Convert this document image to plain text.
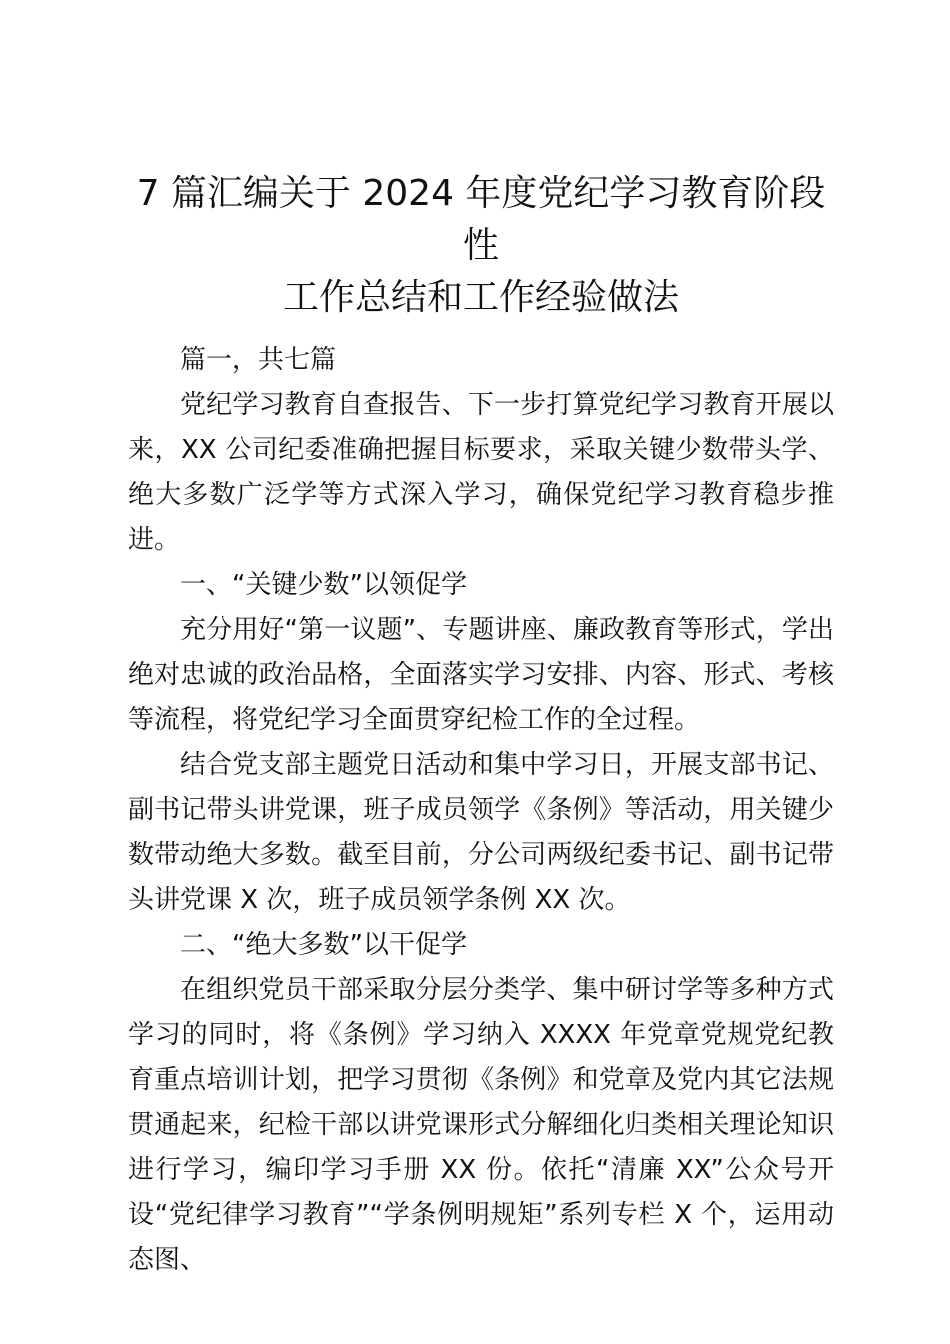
7 篇汇编关于 2024 年度党纪学习教育阶段性
工作总结和工作经验做法

篇一，共七篇

党纪学习教育自查报告、下一步打算党纪学习教育开展以来，XX 公司纪委准确把握目标要求，采取关键少数带头学、绝大多数广泛学等方式深入学习，确保党纪学习教育稳步推进。

一、“关键少数”以领促学

充分用好“第一议题”、专题讲座、廉政教育等形式，学出绝对忠诚的政治品格，全面落实学习安排、内容、形式、考核等流程，将党纪学习全面贯穿纪检工作的全过程。

结合党支部主题党日活动和集中学习日，开展支部书记、副书记带头讲党课，班子成员领学《条例》等活动，用关键少数带动绝大多数。截至目前，分公司两级纪委书记、副书记带头讲党课 X 次，班子成员领学条例 XX 次。

二、“绝大多数”以干促学

在组织党员干部采取分层分类学、集中研讨学等多种方式学习的同时，将《条例》学习纳入 XXXX 年党章党规党纪教育重点培训计划，把学习贯彻《条例》和党章及党内其它法规贯通起来，纪检干部以讲党课形式分解细化归类相关理论知识进行学习，编印学习手册 XX 份。依托“清廉 XX”公众号开设“党纪律学习教育”“学条例明规矩”系列专栏 X 个，运用动态图、
